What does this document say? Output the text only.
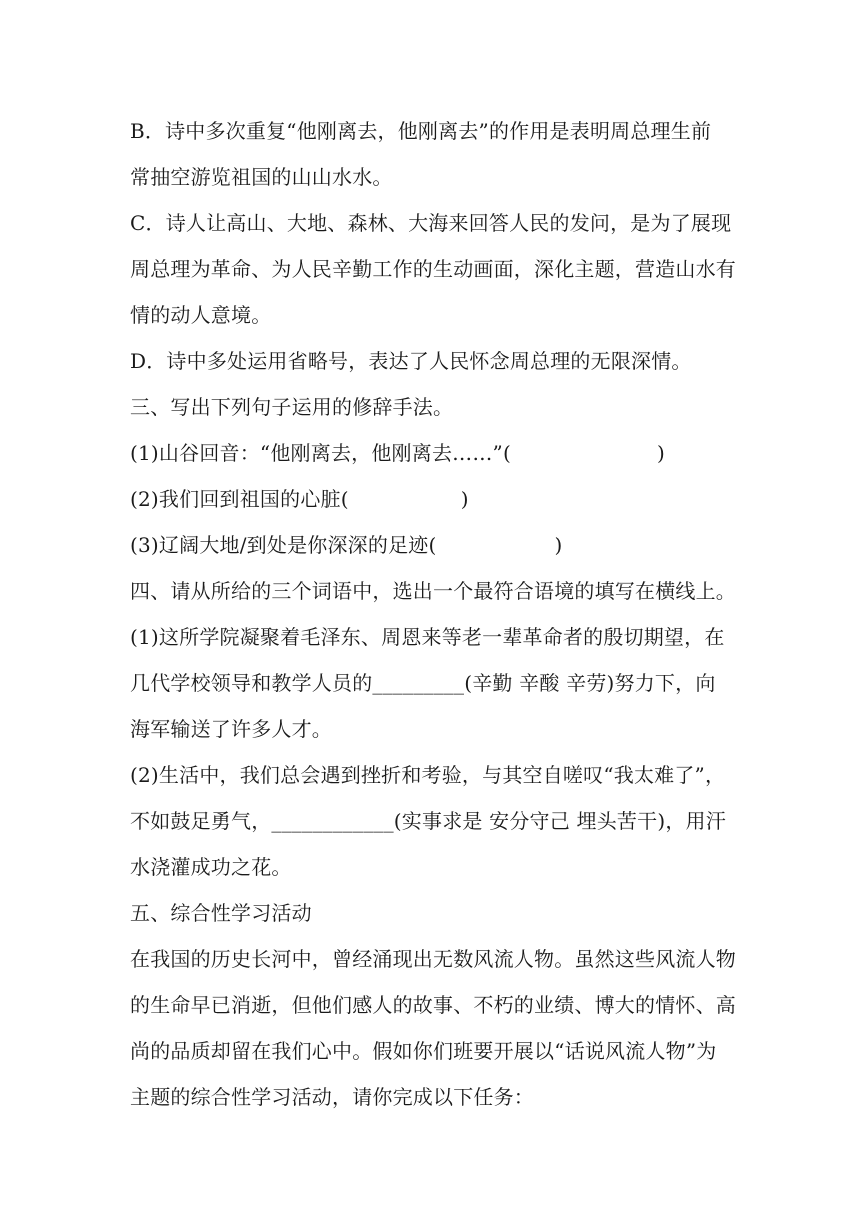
B．诗中多次重复“他刚离去，他刚离去”的作用是表明周总理生前
常抽空游览祖国的山山水水。
C．诗人让高山、大地、森林、大海来回答人民的发问，是为了展现
周总理为革命、为人民辛勤工作的生动画面，深化主题，营造山水有
情的动人意境。
D．诗中多处运用省略号，表达了人民怀念周总理的无限深情。
三、写出下列句子运用的修辞手法。
(1)山谷回音：“他刚离去，他刚离去……”(	)
(2)我们回到祖国的心脏(	)
(3)辽阔大地/到处是你深深的足迹(	)
四、请从所给的三个词语中，选出一个最符合语境的填写在横线上。
(1)这所学院凝聚着毛泽东、周恩来等老一辈革命者的殷切期望，在
几代学校领导和教学人员的_________(辛勤 辛酸 辛劳)努力下，向
海军输送了许多人才。
(2)生活中，我们总会遇到挫折和考验，与其空自嗟叹“我太难了”，
不如鼓足勇气，____________(实事求是 安分守己 埋头苦干)，用汗
水浇灌成功之花。
五、综合性学习活动
在我国的历史长河中，曾经涌现出无数风流人物。虽然这些风流人物
的生命早已消逝，但他们感人的故事、不朽的业绩、博大的情怀、高
尚的品质却留在我们心中。假如你们班要开展以“话说风流人物”为
主题的综合性学习活动，请你完成以下任务：
